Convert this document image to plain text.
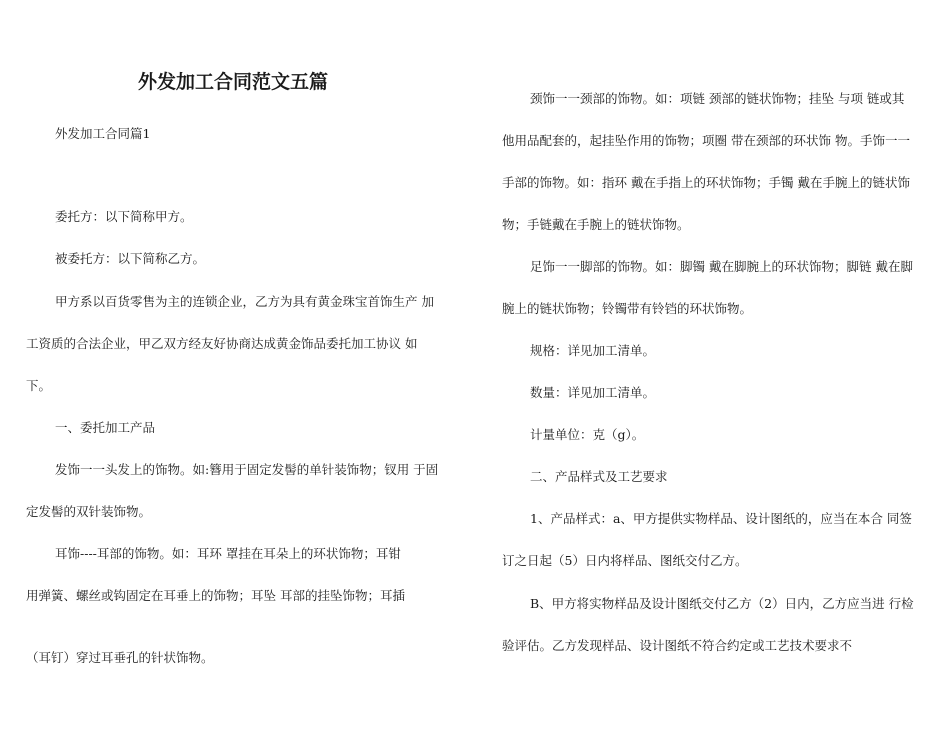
外发加工合同范文五篇
外发加工合同篇1
委托方：以下简称甲方。
被委托方：以下简称乙方。
甲方系以百货零售为主的连锁企业，乙方为具有黄金珠宝首饰生产 加
工资质的合法企业，甲乙双方经友好协商达成黄金饰品委托加工协议 如
下。
一、委托加工产品
发饰一一头发上的饰物。如:簪用于固定发髻的单针装饰物；钗用 于固
定发髻的双针装饰物。
耳饰----耳部的饰物。如：耳环 罩挂在耳朵上的环状饰物；耳钳
用弹簧、螺丝或钩固定在耳垂上的饰物；耳坠 耳部的挂坠饰物；耳插
（耳钉）穿过耳垂孔的针状饰物。
颈饰一一颈部的饰物。如：项链 颈部的链状饰物；挂坠 与项 链或其
他用品配套的，起挂坠作用的饰物；项圈 带在颈部的环状饰 物。手饰一一
手部的饰物。如：指环 戴在手指上的环状饰物；手镯 戴在手腕上的链状饰
物；手链戴在手腕上的链状饰物。
足饰一一脚部的饰物。如：脚镯 戴在脚腕上的环状饰物；脚链 戴在脚
腕上的链状饰物；铃镯带有铃铛的环状饰物。
规格：详见加工清单。
数量：详见加工清单。
计量单位：克（g）。
二、产品样式及工艺要求
1、产品样式：a、甲方提供实物样品、设计图纸的，应当在本合 同签
订之日起（5）日内将样品、图纸交付乙方。
B、甲方将实物样品及设计图纸交付乙方（2）日内，乙方应当进 行检
验评估。乙方发现样品、设计图纸不符合约定或工艺技术要求不
